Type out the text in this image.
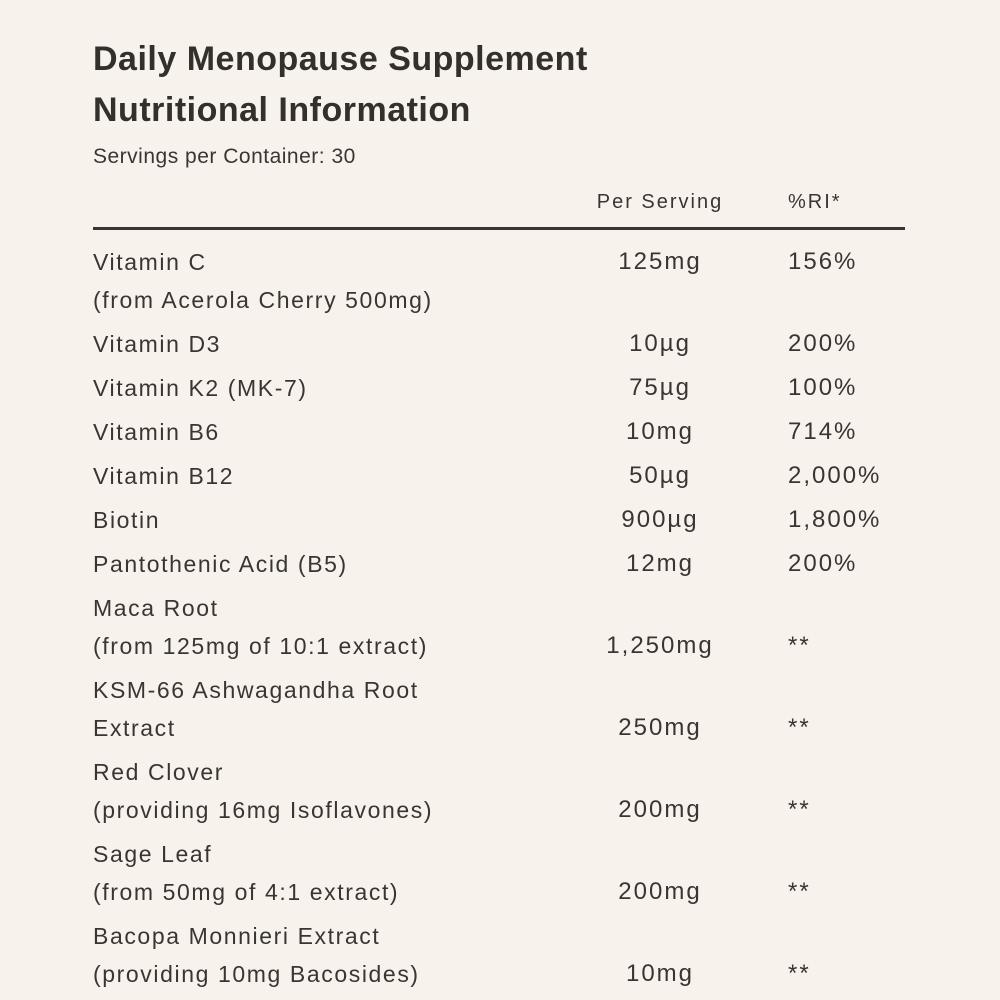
Daily Menopause Supplement
Nutritional Information
Servings per Container: 30
Per Serving	%RI*
Vitamin C
(from Acerola Cherry 500mg)
125mg	156%
Vitamin D3	10µg	200%
Vitamin K2 (MK-7)	75µg	100%
Vitamin B6	10mg	714%
Vitamin B12	50µg	2,000%
Biotin	900µg	1,800%
Pantothenic Acid (B5)	12mg	200%
Maca Root
(from 125mg of 10:1 extract)	1,250mg	**
KSM-66 Ashwagandha Root
Extract	250mg	**
Red Clover
(providing 16mg Isoflavones)	200mg	**
Sage Leaf
(from 50mg of 4:1 extract)	200mg	**
Bacopa Monnieri Extract
(providing 10mg Bacosides)	10mg	**
